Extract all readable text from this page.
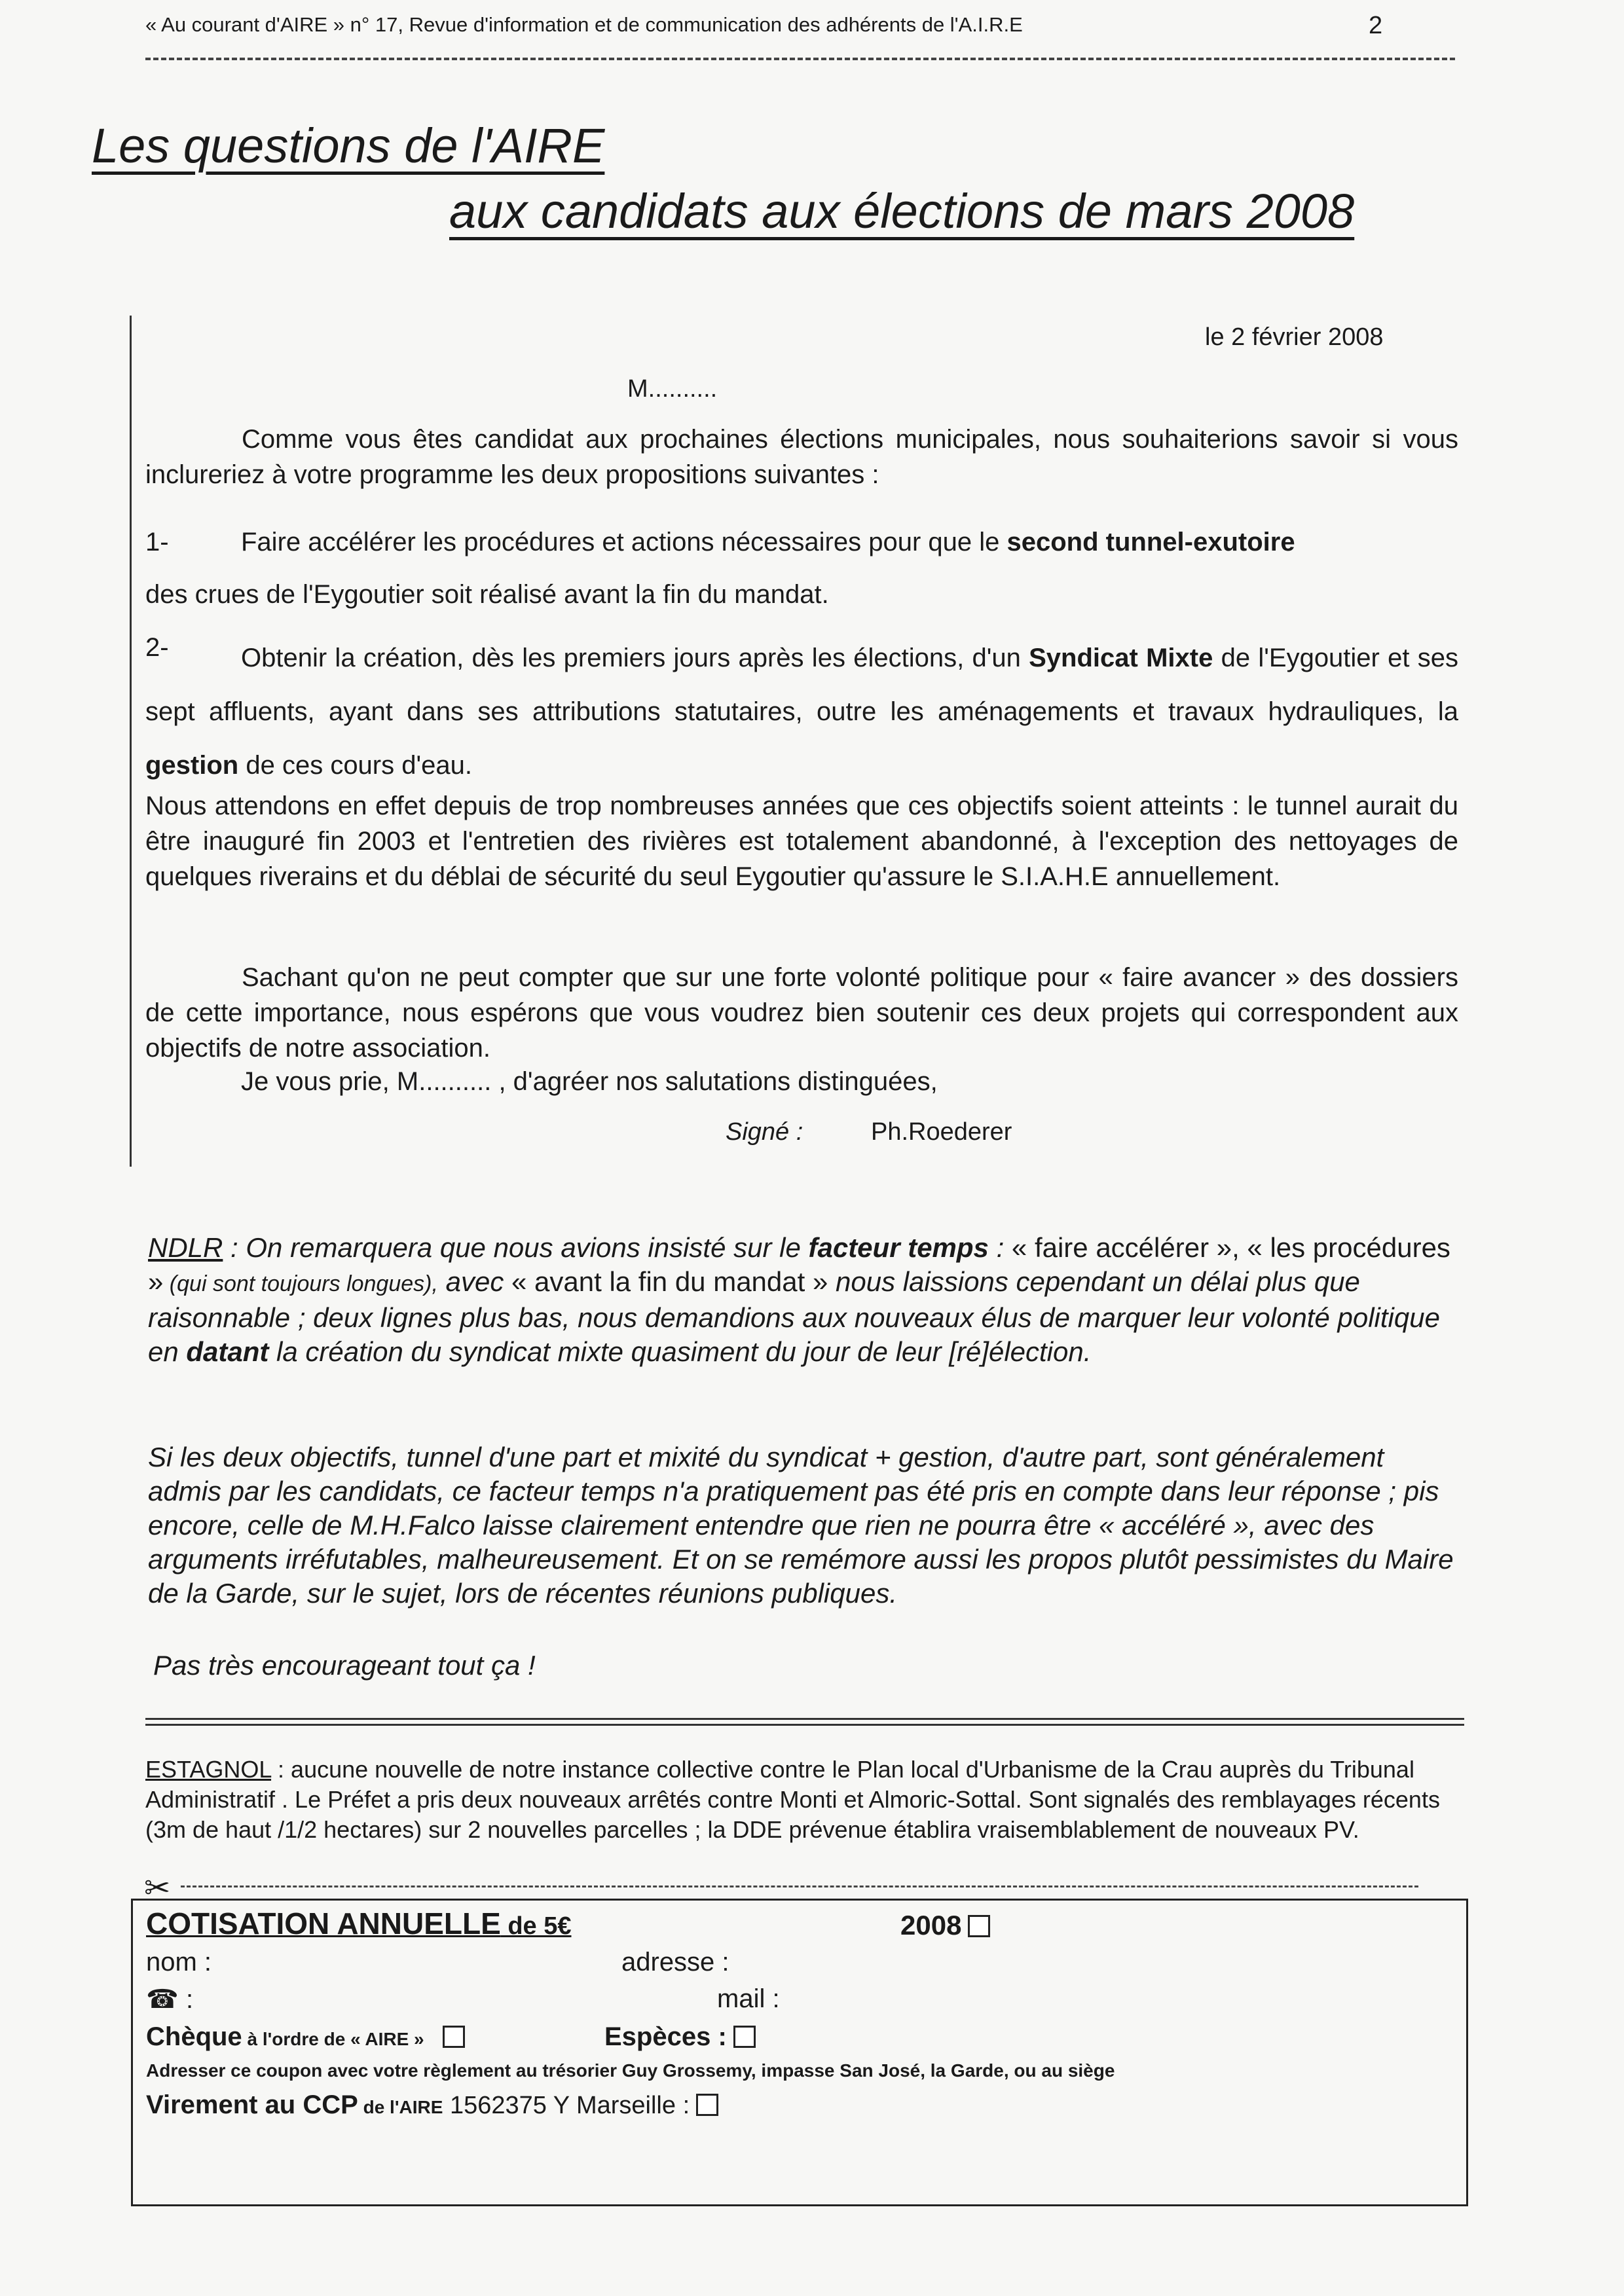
« Au courant d'AIRE » n° 17, Revue d'information et de communication des adhérents de l'A.I.R.E	2
Les questions de l'AIRE
aux candidats aux élections de mars 2008
le 2 février 2008
M..........
Comme vous êtes candidat aux prochaines élections municipales, nous souhaiterions savoir si vous inclureriez à votre programme les deux propositions suivantes :
1-	Faire accélérer les procédures et actions nécessaires pour que le second tunnel-exutoire
des crues de l'Eygoutier soit réalisé avant la fin du mandat.
2-	Obtenir la création, dès les premiers jours après les élections, d'un Syndicat Mixte de l'Eygoutier et ses sept affluents, ayant dans ses attributions statutaires, outre les aménagements et travaux hydrauliques, la gestion de ces cours d'eau.
Nous attendons en effet depuis de trop nombreuses années que ces objectifs soient atteints : le tunnel aurait du être inauguré fin 2003 et l'entretien des rivières est totalement abandonné, à l'exception des nettoyages de quelques riverains et du déblai de sécurité du seul Eygoutier qu'assure le S.I.A.H.E annuellement.
Sachant qu'on ne peut compter que sur une forte volonté politique pour « faire avancer » des dossiers de cette importance, nous espérons que vous voudrez bien soutenir ces deux projets qui correspondent aux objectifs de notre association.
Je vous prie, M.......... , d'agréer nos salutations distinguées,
Signé :	Ph.Roederer
NDLR : On remarquera que nous avions insisté sur le facteur temps : « faire accélérer », « les procédures » (qui sont toujours longues), avec « avant la fin du mandat » nous laissions cependant un délai plus que raisonnable ; deux lignes plus bas, nous demandions aux nouveaux élus de marquer leur volonté politique en datant la création du syndicat mixte quasiment du jour de leur [ré]élection.
Si les deux objectifs, tunnel d'une part et mixité du syndicat + gestion, d'autre part, sont généralement admis par les candidats, ce facteur temps n'a pratiquement pas été pris en compte dans leur réponse ; pis encore, celle de M.H.Falco laisse clairement entendre que rien ne pourra être « accéléré », avec des arguments irréfutables, malheureusement. Et on se remémore aussi les propos plutôt pessimistes du Maire de la Garde, sur le sujet, lors de récentes réunions publiques.
Pas très encourageant tout ça !
ESTAGNOL : aucune nouvelle de notre instance collective contre le Plan local d'Urbanisme de la Crau auprès du Tribunal Administratif . Le Préfet a pris deux nouveaux arrêtés contre Monti et Almoric-Sottal. Sont signalés des remblayages récents (3m de haut /1/2 hectares) sur 2 nouvelles parcelles ; la DDE prévenue établira vraisemblablement de nouveaux PV.
✂
COTISATION ANNUELLE de 5€	2008
nom :	adresse :
☎ :	mail :
Chèque à l'ordre de « AIRE »	Espèces :
Adresser ce coupon avec votre règlement au trésorier Guy Grossemy, impasse San José, la Garde, ou au siège
Virement au CCP de l'AIRE 1562375 Y Marseille :
